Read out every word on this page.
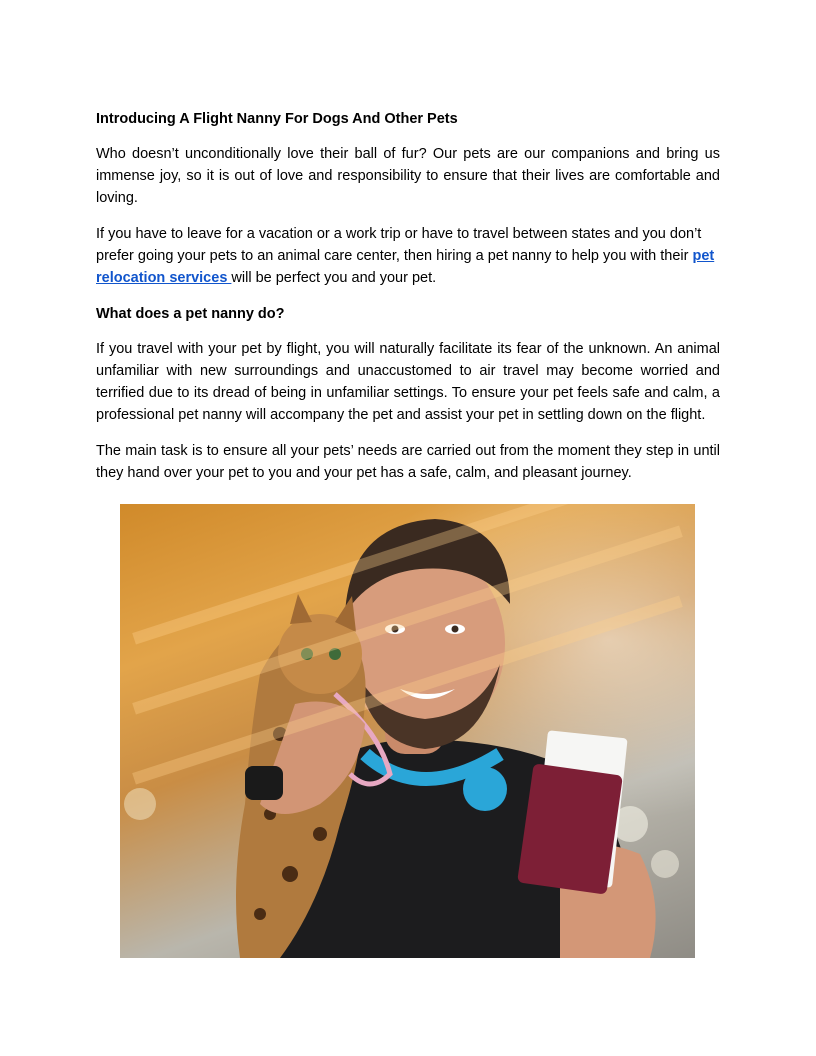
Introducing A Flight Nanny For Dogs And Other Pets

Who doesn’t unconditionally love their ball of fur? Our pets are our companions and bring us immense joy, so it is out of love and responsibility to ensure that their lives are comfortable and loving.

If you have to leave for a vacation or a work trip or have to travel between states and you don’t prefer going your pets to an animal care center, then hiring a pet nanny to help you with their pet relocation services will be perfect you and your pet.

What does a pet nanny do?

If you travel with your pet by flight, you will naturally facilitate its fear of the unknown. An animal unfamiliar with new surroundings and unaccustomed to air travel may become worried and terrified due to its dread of being in unfamiliar settings. To ensure your pet feels safe and calm, a professional pet nanny will accompany the pet and assist your pet in settling down on the flight.

The main task is to ensure all your pets’ needs are carried out from the moment they step in until they hand over your pet to you and your pet has a safe, calm, and pleasant journey.
